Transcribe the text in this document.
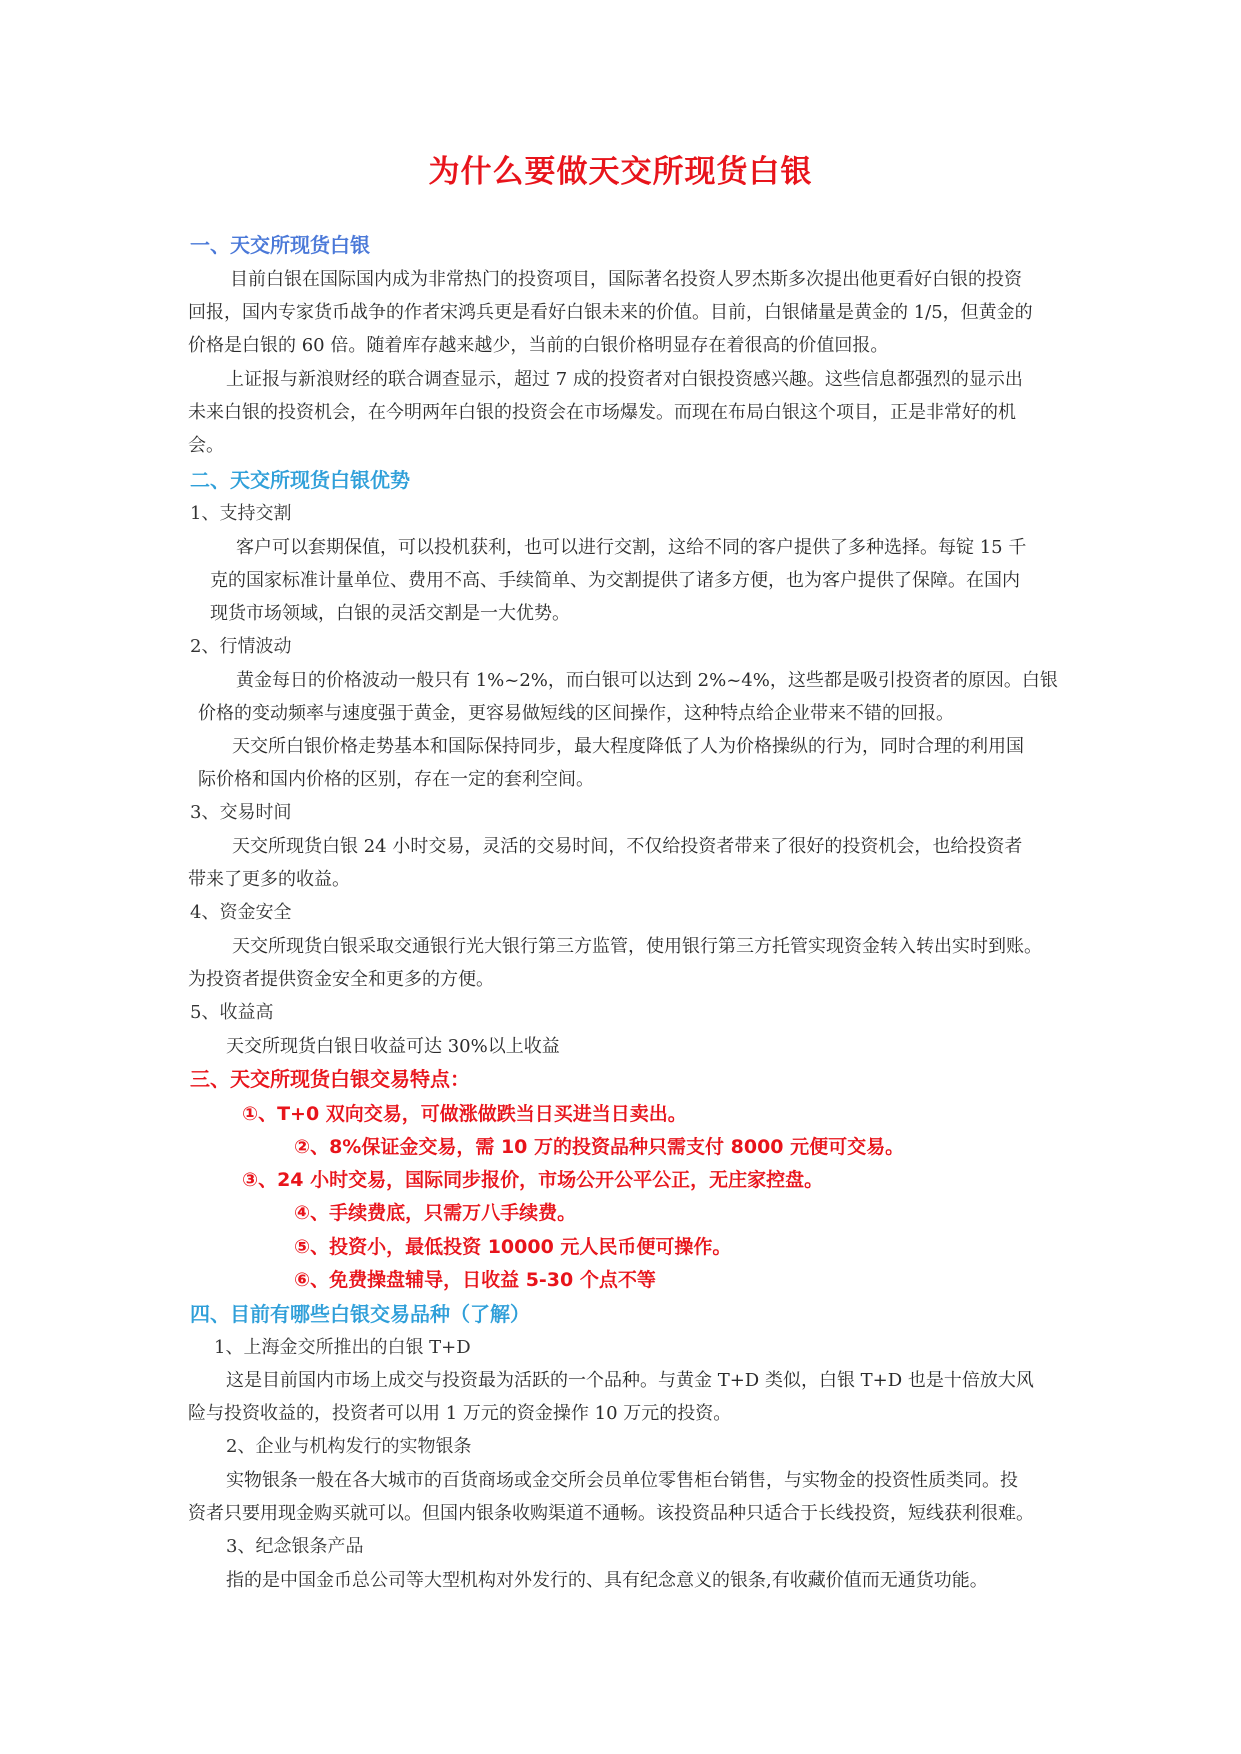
为什么要做天交所现货白银
一、天交所现货白银
目前白银在国际国内成为非常热门的投资项目，国际著名投资人罗杰斯多次提出他更看好白银的投资
回报，国内专家货币战争的作者宋鸿兵更是看好白银未来的价值。目前，白银储量是黄金的 1/5，但黄金的
价格是白银的 60 倍。随着库存越来越少，当前的白银价格明显存在着很高的价值回报。
上证报与新浪财经的联合调查显示，超过 7 成的投资者对白银投资感兴趣。这些信息都强烈的显示出
未来白银的投资机会，在今明两年白银的投资会在市场爆发。而现在布局白银这个项目，正是非常好的机
会。
二、天交所现货白银优势
1、支持交割
客户可以套期保值，可以投机获利，也可以进行交割，这给不同的客户提供了多种选择。每锭 15 千
克的国家标准计量单位、费用不高、手续简单、为交割提供了诸多方便，也为客户提供了保障。在国内
现货市场领域，白银的灵活交割是一大优势。
2、行情波动
黄金每日的价格波动一般只有 1%~2%，而白银可以达到 2%~4%，这些都是吸引投资者的原因。白银
价格的变动频率与速度强于黄金，更容易做短线的区间操作，这种特点给企业带来不错的回报。
天交所白银价格走势基本和国际保持同步，最大程度降低了人为价格操纵的行为，同时合理的利用国
际价格和国内价格的区别，存在一定的套利空间。
3、交易时间
天交所现货白银 24 小时交易，灵活的交易时间，不仅给投资者带来了很好的投资机会，也给投资者
带来了更多的收益。
4、资金安全
天交所现货白银采取交通银行光大银行第三方监管，使用银行第三方托管实现资金转入转出实时到账。
为投资者提供资金安全和更多的方便。
5、收益高
天交所现货白银日收益可达 30%以上收益
三、天交所现货白银交易特点：
①、T+0 双向交易，可做涨做跌当日买进当日卖出。
②、8%保证金交易，需 10 万的投资品种只需支付 8000 元便可交易。
③、24 小时交易，国际同步报价，市场公开公平公正，无庄家控盘。
④、手续费底，只需万八手续费。
⑤、投资小，最低投资 10000 元人民币便可操作。
⑥、免费操盘辅导，日收益 5-30 个点不等
四、目前有哪些白银交易品种（了解）
1、上海金交所推出的白银 T+D
这是目前国内市场上成交与投资最为活跃的一个品种。与黄金 T+D 类似，白银 T+D 也是十倍放大风
险与投资收益的，投资者可以用 1 万元的资金操作 10 万元的投资。
2、企业与机构发行的实物银条
实物银条一般在各大城市的百货商场或金交所会员单位零售柜台销售，与实物金的投资性质类同。投
资者只要用现金购买就可以。但国内银条收购渠道不通畅。该投资品种只适合于长线投资，短线获利很难。
3、纪念银条产品
指的是中国金币总公司等大型机构对外发行的、具有纪念意义的银条,有收藏价值而无通货功能。
